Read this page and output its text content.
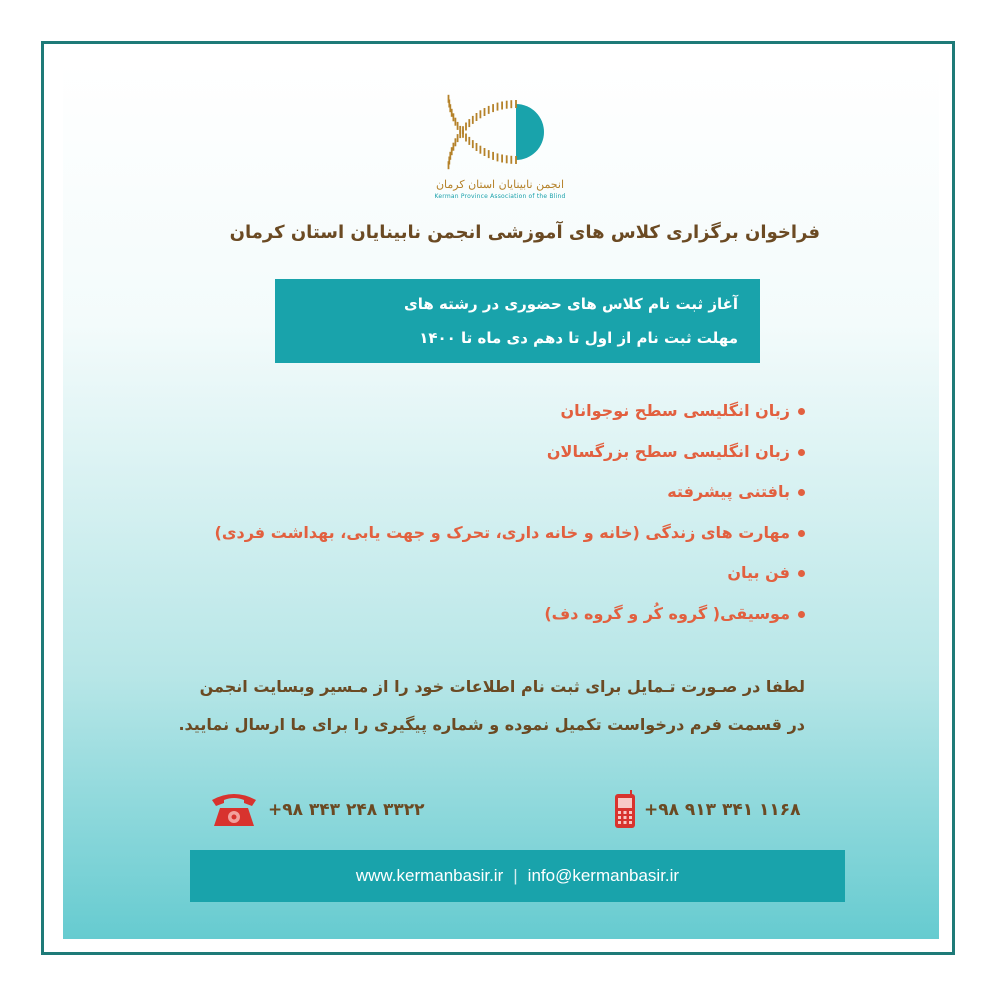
انجمن نابینایان استان کرمان
Kerman Province Association of the Blind
فراخوان برگزاری کلاس های آموزشی انجمن نابینایان استان کرمان
آغاز ثبت نام کلاس های حضوری در رشته های
مهلت ثبت نام از اول تا دهم دی ماه تا ۱۴۰۰
زبان انگلیسی سطح نوجوانان
زبان انگلیسی سطح بزرگسالان
بافتنی پیشرفته
مهارت های زندگی (خانه و خانه داری، تحرک و جهت یابی، بهداشت فردی)
فن بیان
موسیقی( گروه کُر و گروه دف)
لطفا در صـورت تـمایل برای ثبت نام اطلاعات خود را از مـسیر وبسایت انجمن
در قسمت فرم درخواست تکمیل نموده و شماره پیگیری را برای ما ارسال نمایید.
+۹۸ ۳۴۳ ۲۴۸ ۳۳۲۲	+۹۸ ۹۱۳ ۳۴۱ ۱۱۶۸
www.kermanbasir.ir | info@kermanbasir.ir
